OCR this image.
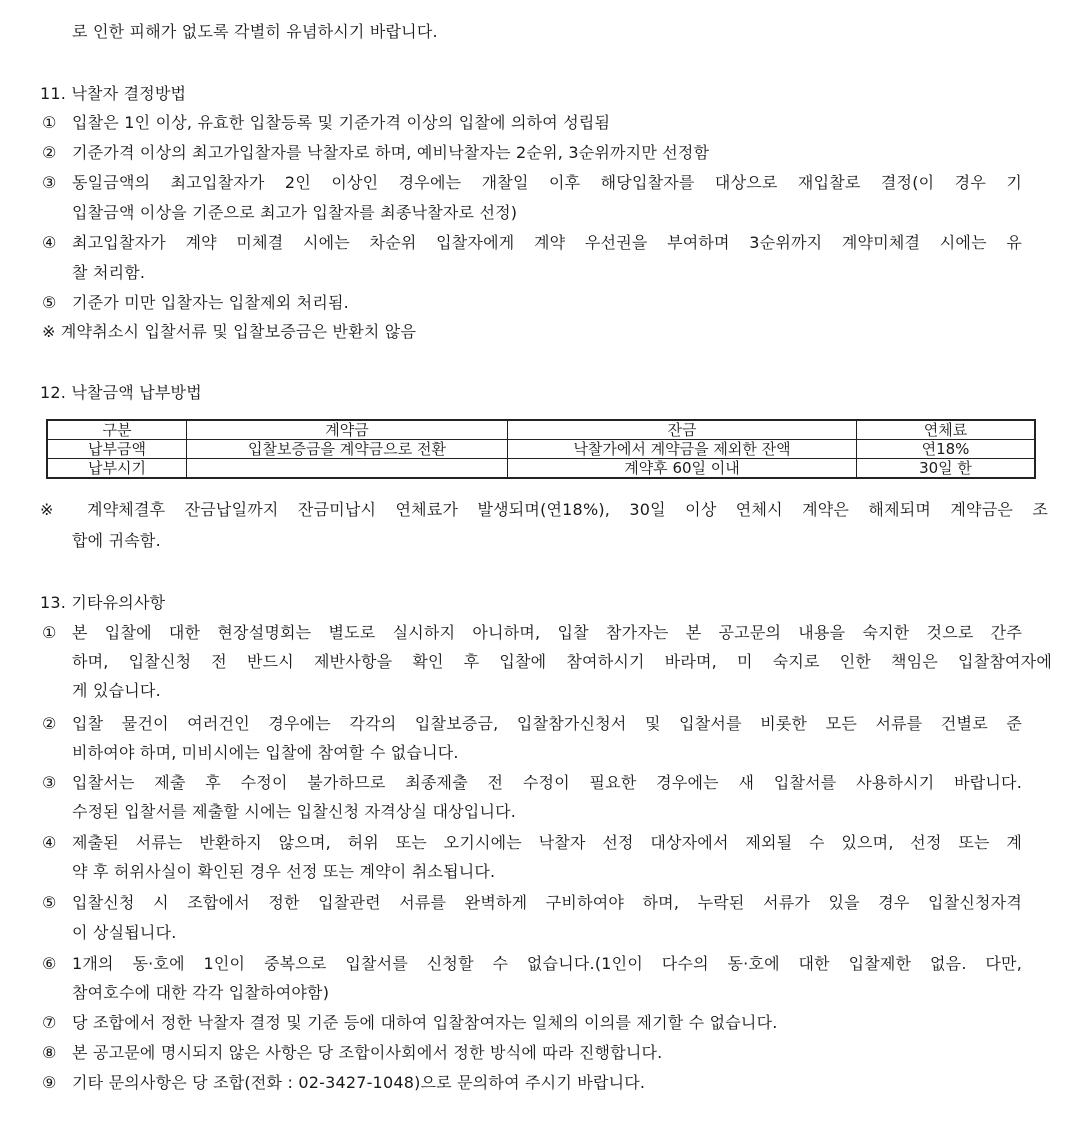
로 인한 피해가 없도록 각별히 유념하시기 바랍니다.
11. 낙찰자 결정방법
① 입찰은 1인 이상, 유효한 입찰등록 및 기준가격 이상의 입찰에 의하여 성립됨
② 기준가격 이상의 최고가입찰자를 낙찰자로 하며, 예비낙찰자는 2순위, 3순위까지만 선정함
③ 동일금액의 최고입찰자가 2인 이상인 경우에는 개찰일 이후 해당입찰자를 대상으로 재입찰로 결정(이 경우 기
입찰금액 이상을 기준으로 최고가 입찰자를 최종낙찰자로 선정)
④ 최고입찰자가 계약 미체결 시에는 차순위 입찰자에게 계약 우선권을 부여하며 3순위까지 계약미체결 시에는 유
찰 처리함.
⑤ 기준가 미만 입찰자는 입찰제외 처리됨.
※ 계약취소시 입찰서류 및 입찰보증금은 반환치 않음
12. 낙찰금액 납부방법
구분	계약금	잔금	연체료
납부금액	입찰보증금을 계약금으로 전환	낙찰가에서 계약금을 제외한 잔액	연18%
납부시기		계약후 60일 이내	30일 한
※ 계약체결후 잔금납일까지 잔금미납시 연체료가 발생되며(연18%), 30일 이상 연체시 계약은 해제되며 계약금은 조
합에 귀속함.
13. 기타유의사항
① 본 입찰에 대한 현장설명회는 별도로 실시하지 아니하며, 입찰 참가자는 본 공고문의 내용을 숙지한 것으로 간주
하며, 입찰신청 전 반드시 제반사항을 확인 후 입찰에 참여하시기 바라며, 미 숙지로 인한 책임은 입찰참여자에
게 있습니다.
② 입찰 물건이 여러건인 경우에는 각각의 입찰보증금, 입찰참가신청서 및 입찰서를 비롯한 모든 서류를 건별로 준
비하여야 하며, 미비시에는 입찰에 참여할 수 없습니다.
③ 입찰서는 제출 후 수정이 불가하므로 최종제출 전 수정이 필요한 경우에는 새 입찰서를 사용하시기 바랍니다.
수정된 입찰서를 제출할 시에는 입찰신청 자격상실 대상입니다.
④ 제출된 서류는 반환하지 않으며, 허위 또는 오기시에는 낙찰자 선정 대상자에서 제외될 수 있으며, 선정 또는 계
약 후 허위사실이 확인된 경우 선정 또는 계약이 취소됩니다.
⑤ 입찰신청 시 조합에서 정한 입찰관련 서류를 완벽하게 구비하여야 하며, 누락된 서류가 있을 경우 입찰신청자격
이 상실됩니다.
⑥ 1개의 동·호에 1인이 중복으로 입찰서를 신청할 수 없습니다.(1인이 다수의 동·호에 대한 입찰제한 없음. 다만,
참여호수에 대한 각각 입찰하여야함)
⑦ 당 조합에서 정한 낙찰자 결정 및 기준 등에 대하여 입찰참여자는 일체의 이의를 제기할 수 없습니다.
⑧ 본 공고문에 명시되지 않은 사항은 당 조합이사회에서 정한 방식에 따라 진행합니다.
⑨ 기타 문의사항은 당 조합(전화 : 02-3427-1048)으로 문의하여 주시기 바랍니다.
